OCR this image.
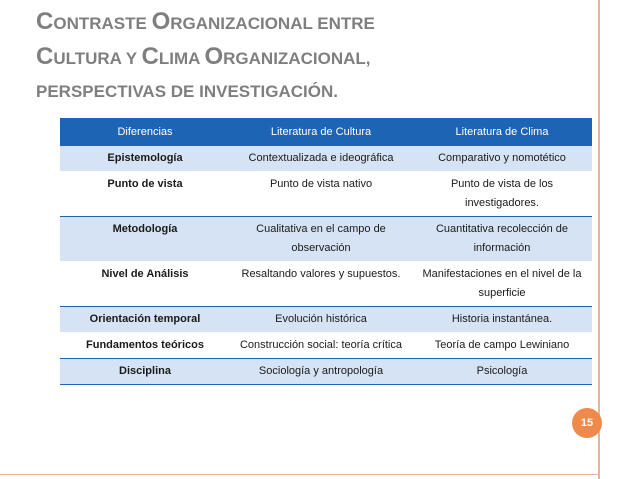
CONTRASTE ORGANIZACIONAL ENTRE
CULTURA Y CLIMA ORGANIZACIONAL,
PERSPECTIVAS DE INVESTIGACIÓN.
Diferencias	Literatura de Cultura	Literatura de Clima
Epistemología	Contextualizada e ideográfica	Comparativo y nomotético
Punto de vista	Punto de vista nativo	Punto de vista de los investigadores.
Metodología	Cualitativa en el campo de observación	Cuantitativa recolección de información
Nivel de Análisis	Resaltando valores y supuestos.	Manifestaciones en el nivel de la superficie
Orientación temporal	Evolución histórica	Historia instantánea.
Fundamentos teóricos	Construcción social: teoría crítica	Teoría de campo Lewiniano
Disciplina	Sociología y antropología	Psicología
15
